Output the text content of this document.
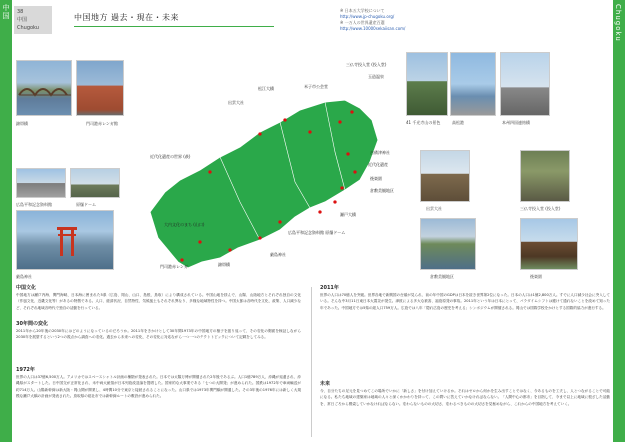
中国	Chugoku
38
中国
Chugoku
中国地方 過去・現在・未来
※ 日本五大学校について
http://www.jp-chugoku.org/
※ 一万人の世界遺産百選
http://www.10000sekaiisan.com/
錦帯橋	門司港赤レンガ館
広島平和記念資料館	原爆ドーム
厳島神社
三仏寺投入堂 (投入堂)
玉造温泉
松江大橋
出雲大社
米子市公会堂
近代化遺産
近代化遺産の世界 (萩)
倉敷美観地区
後楽園
広島平和記念資料館 原爆ドーム
大内文化のまち (山口)
門司港赤レンガ	錦帯橋
厳島神社
吉備津神社
瀬戸大橋
41 千光寺山の景色	高松港	本州四国連絡橋
出雲大社	三仏寺投入堂 (投入堂)
倉敷美観地区	後楽園
中国文化
中国地方は瀬戸内海、関門海峡、日本海に囲まれた5県（広島、岡山、山口、島根、鳥取）により構成されている。中国山地を挟んで、山陽、山陰地方とそれぞれ独自の文化（作風文化、近畿文化等）があるの特徴である。人口、経済状況、自然特性、気候風土もそれぞれ異なり、多様な地域特性を持つ。中国太郎は各時代を文化、政策、人口減少など、それぞれ地域各時代で独自の活動を行っている。
30年間の変化
2011年から20年後の2030年にはどのようになっているのだろうか。2011年をきかけとして30年間1973年の中国地方の様子を振り返って、その変化の側面を検証しながら2030年を展望するという2つの視点から調査への変化。過去から未来への変化、その変化に対応ながら一つ一つのテクトトピックについて記載をしてみる。
1972年
世界の人口は37億6,500万人。アメリカではスペースシャトル計画の種類が発表された。日本では太陽万博が開催された2年後であるぶ。人口1億789万人、沖縄が返還され、沖縄県がスタートした。日中国交が正常化され、米中両大統領が日本列島改造論を提唱した。国家的な大事業である「七つの大開発」が進められた。国鉄は1972年で車両輸送が約714万人。山陽新幹線は新大阪・岡山間が開業し、4時間10分で東京と接続されることになった。山口県では1973年関門橋が開通した。その3年後の1976年には新しく大規模な瀬戸大橋の計画が発表された。鳥取県の総社市では新幹線ルートの敷設が進められた。
2011年
世界の人口は70億人を突破。世界各地で新興国の台頭が見られ、前の年中国のGDPは日本を抜き世界第2位になった。日本の人口は1億2,800万人。すでに人口減少社会に突入している。そんな中3月11日東日本大震災が発生。津波による多大な被害、福島原発の事故。2011年という年は日本にとって、パラダイムシフトは避けて通れないことを改めて知った年であった。中国地方では5県の総人口759万人。広島では八年「隠れ広島の歴史を考える」シンポジウムが開催される。岡山では国際学校をかけとする国際的協力が進行する。
未来
今、自分たちの足元を見つめてこの場所でいかに「新しさ」を付け加えていけるか。それはゼロから何かを生み出すことではなく、今あるものを工夫し、人とつながることで可能になる。私たち地域の建築家は地域の人々と深くかかわりを持って、この問いに答えていかなければならない。「人間中心の都市」を目指して、今まで以上に地域に根ざした活動を、常日ごろから模索していかなければならない。変わらないものの大切さ、変わるべきものの大切さを見極めながら、これからの中国地方を考えていく。
